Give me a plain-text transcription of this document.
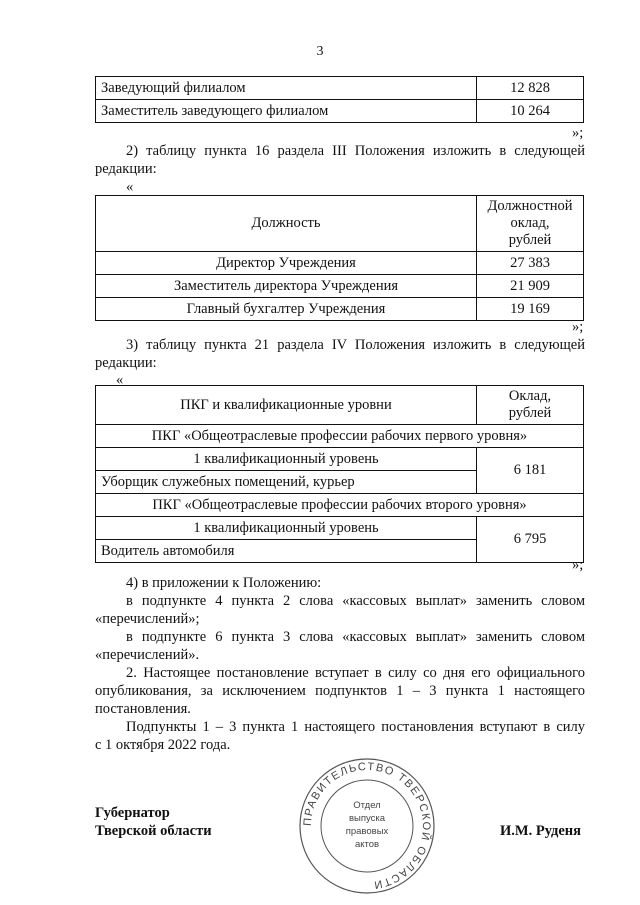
3
Заведующий филиалом	12 828
Заместитель заведующего филиалом	10 264
»;
2) таблицу пункта 16 раздела III Положения изложить в следующей
редакции:
«
Должность	Должностной
оклад,
рублей

Директор Учреждения	27 383
Заместитель директора Учреждения	21 909
Главный бухгалтер Учреждения	19 169
»;
3) таблицу пункта 21 раздела IV Положения изложить в следующей
редакции:
«
ПКГ и квалификационные уровни	Оклад,
рублей

ПКГ «Общеотраслевые профессии рабочих первого уровня»	
1 квалификационный уровень	6 181
Уборщик служебных помещений, курьер	
ПКГ «Общеотраслевые профессии рабочих второго уровня»	
1 квалификационный уровень	6 795
Водитель автомобиля	
»;
4) в приложении к Положению:
в подпункте 4 пункта 2 слова «кассовых выплат» заменить словом
«перечислений»;
в подпункте 6 пункта 3 слова «кассовых выплат» заменить словом
«перечислений».
2. Настоящее постановление вступает в силу со дня его официального
опубликования, за исключением подпунктов 1 – 3 пункта 1 настоящего
постановления.
Подпункты 1 – 3 пункта 1 настоящего постановления вступают в силу
с 1 октября 2022 года.
Губернатор
Тверской области	И.М. Руденя
ПРАВИТЕЛЬСТВО ТВЕРСКОЙ ОБЛАСТИ
Отдел
выпуска
правовых
актов
